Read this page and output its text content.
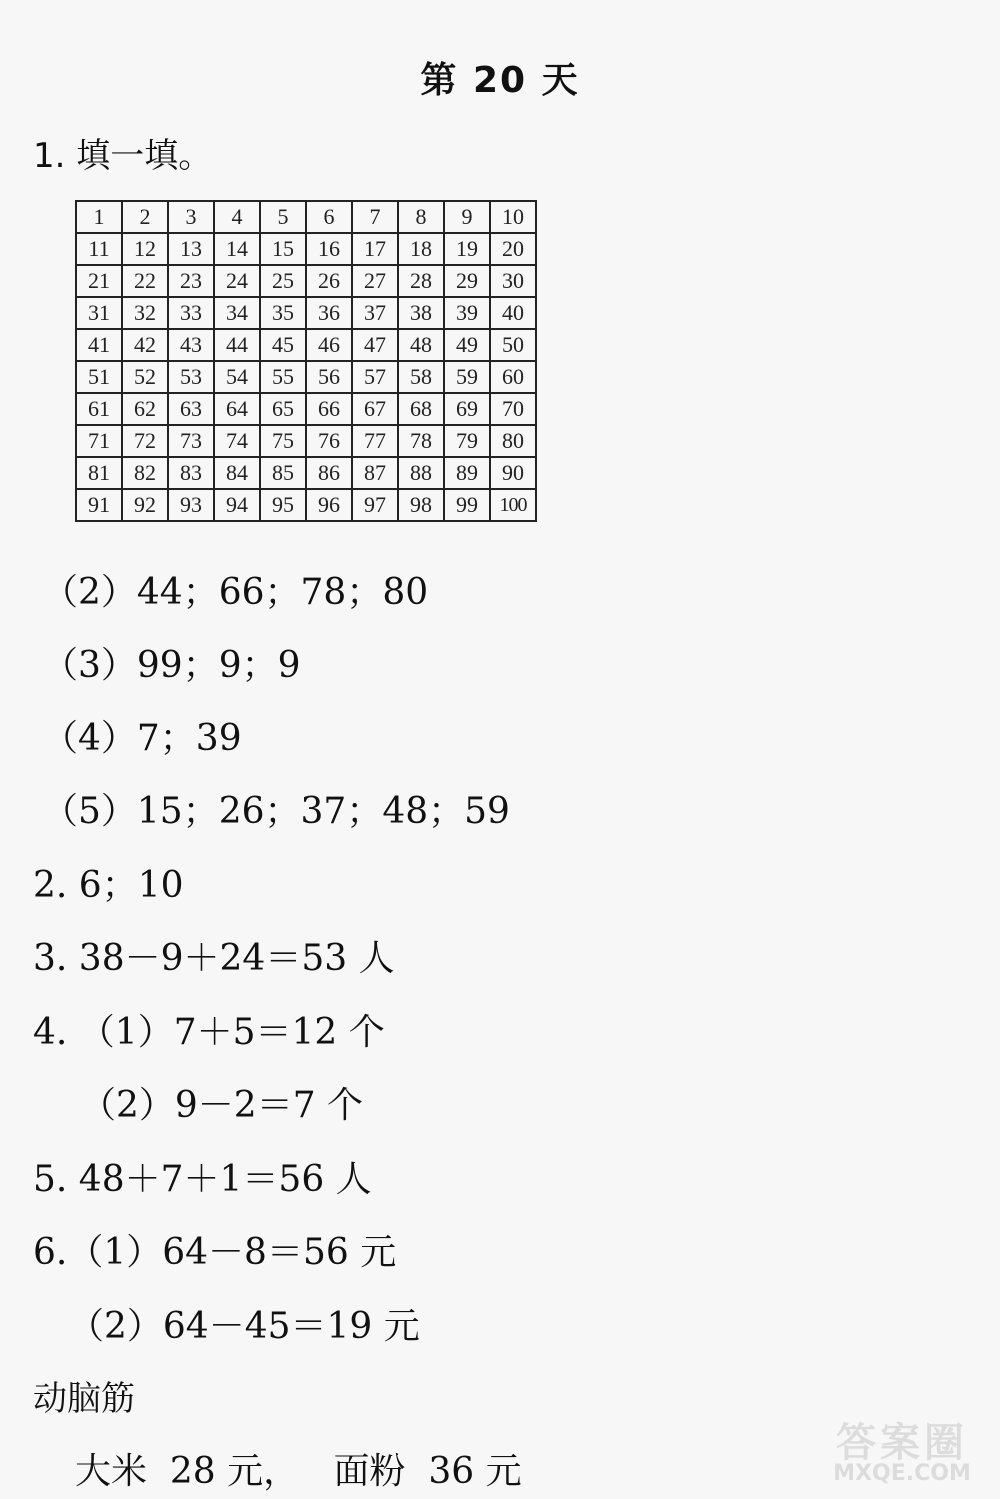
第 20 天
1. 填一填。
1	2	3	4	5	6	7	8	9	10
11	12	13	14	15	16	17	18	19	20
21	22	23	24	25	26	27	28	29	30
31	32	33	34	35	36	37	38	39	40
41	42	43	44	45	46	47	48	49	50
51	52	53	54	55	56	57	58	59	60
61	62	63	64	65	66	67	68	69	70
71	72	73	74	75	76	77	78	79	80
81	82	83	84	85	86	87	88	89	90
91	92	93	94	95	96	97	98	99	100
（2）44；66；78；80
（3）99；9；9
（4）7；39
（5）15；26；37；48；59
2. 6；10
3. 38－9＋24＝53 人
4. （1）7＋5＝12 个
（2）9－2＝7 个
5. 48＋7＋1＝56 人
6.（1）64－8＝56 元
（2）64－45＝19 元
动脑筋
大米  28 元，   面粉  36 元
答案圈
MXQE.COM
